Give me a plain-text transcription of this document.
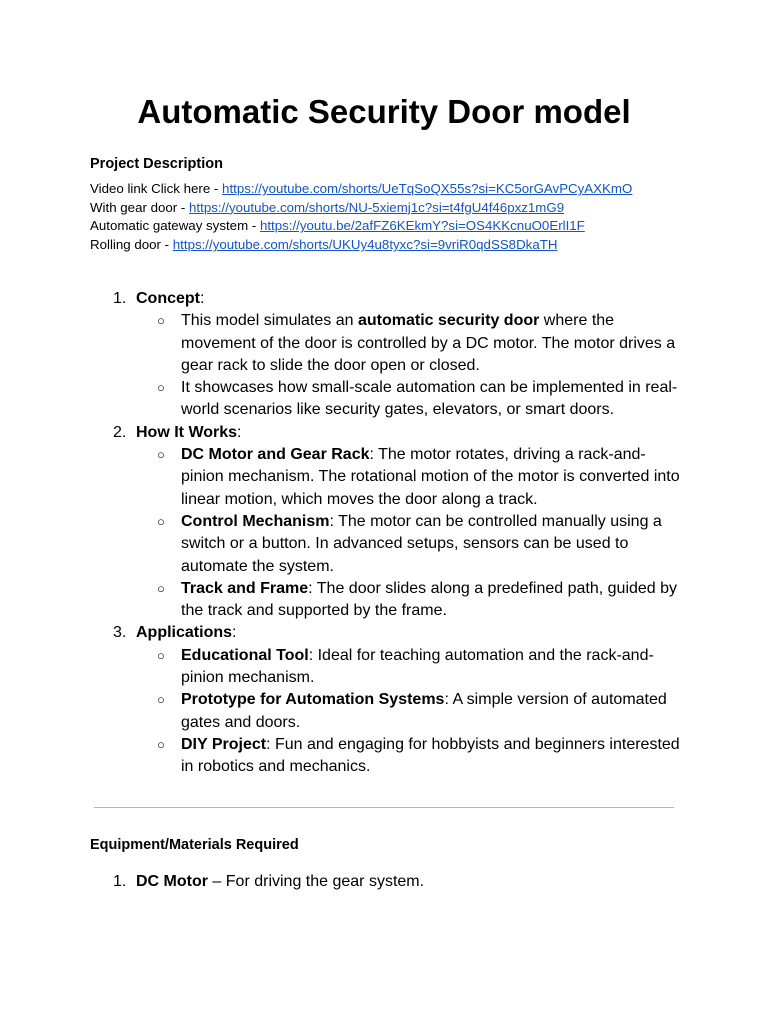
Automatic Security Door model
Project Description
Video link Click here - https://youtube.com/shorts/UeTqSoQX55s?si=KC5orGAvPCyAXKmO
With gear door - https://youtube.com/shorts/NU-5xiemj1c?si=t4fgU4f46pxz1mG9
Automatic gateway system - https://youtu.be/2afFZ6KEkmY?si=OS4KKcnuO0ErlI1F
Rolling door - https://youtube.com/shorts/UKUy4u8tyxc?si=9vriR0qdSS8DkaTH

1. Concept:

○ This model simulates an automatic security door where the movement of the door is controlled by a DC motor. The motor drives a gear rack to slide the door open or closed.

○ It showcases how small-scale automation can be implemented in real-world scenarios like security gates, elevators, or smart doors.

2. How It Works:

○ DC Motor and Gear Rack: The motor rotates, driving a rack-and-pinion mechanism. The rotational motion of the motor is converted into linear motion, which moves the door along a track.

○ Control Mechanism: The motor can be controlled manually using a switch or a button. In advanced setups, sensors can be used to automate the system.

○ Track and Frame: The door slides along a predefined path, guided by the track and supported by the frame.

3. Applications:

○ Educational Tool: Ideal for teaching automation and the rack-and-pinion mechanism.

○ Prototype for Automation Systems: A simple version of automated gates and doors.

○ DIY Project: Fun and engaging for hobbyists and beginners interested in robotics and mechanics.

Equipment/Materials Required

1. DC Motor – For driving the gear system.
